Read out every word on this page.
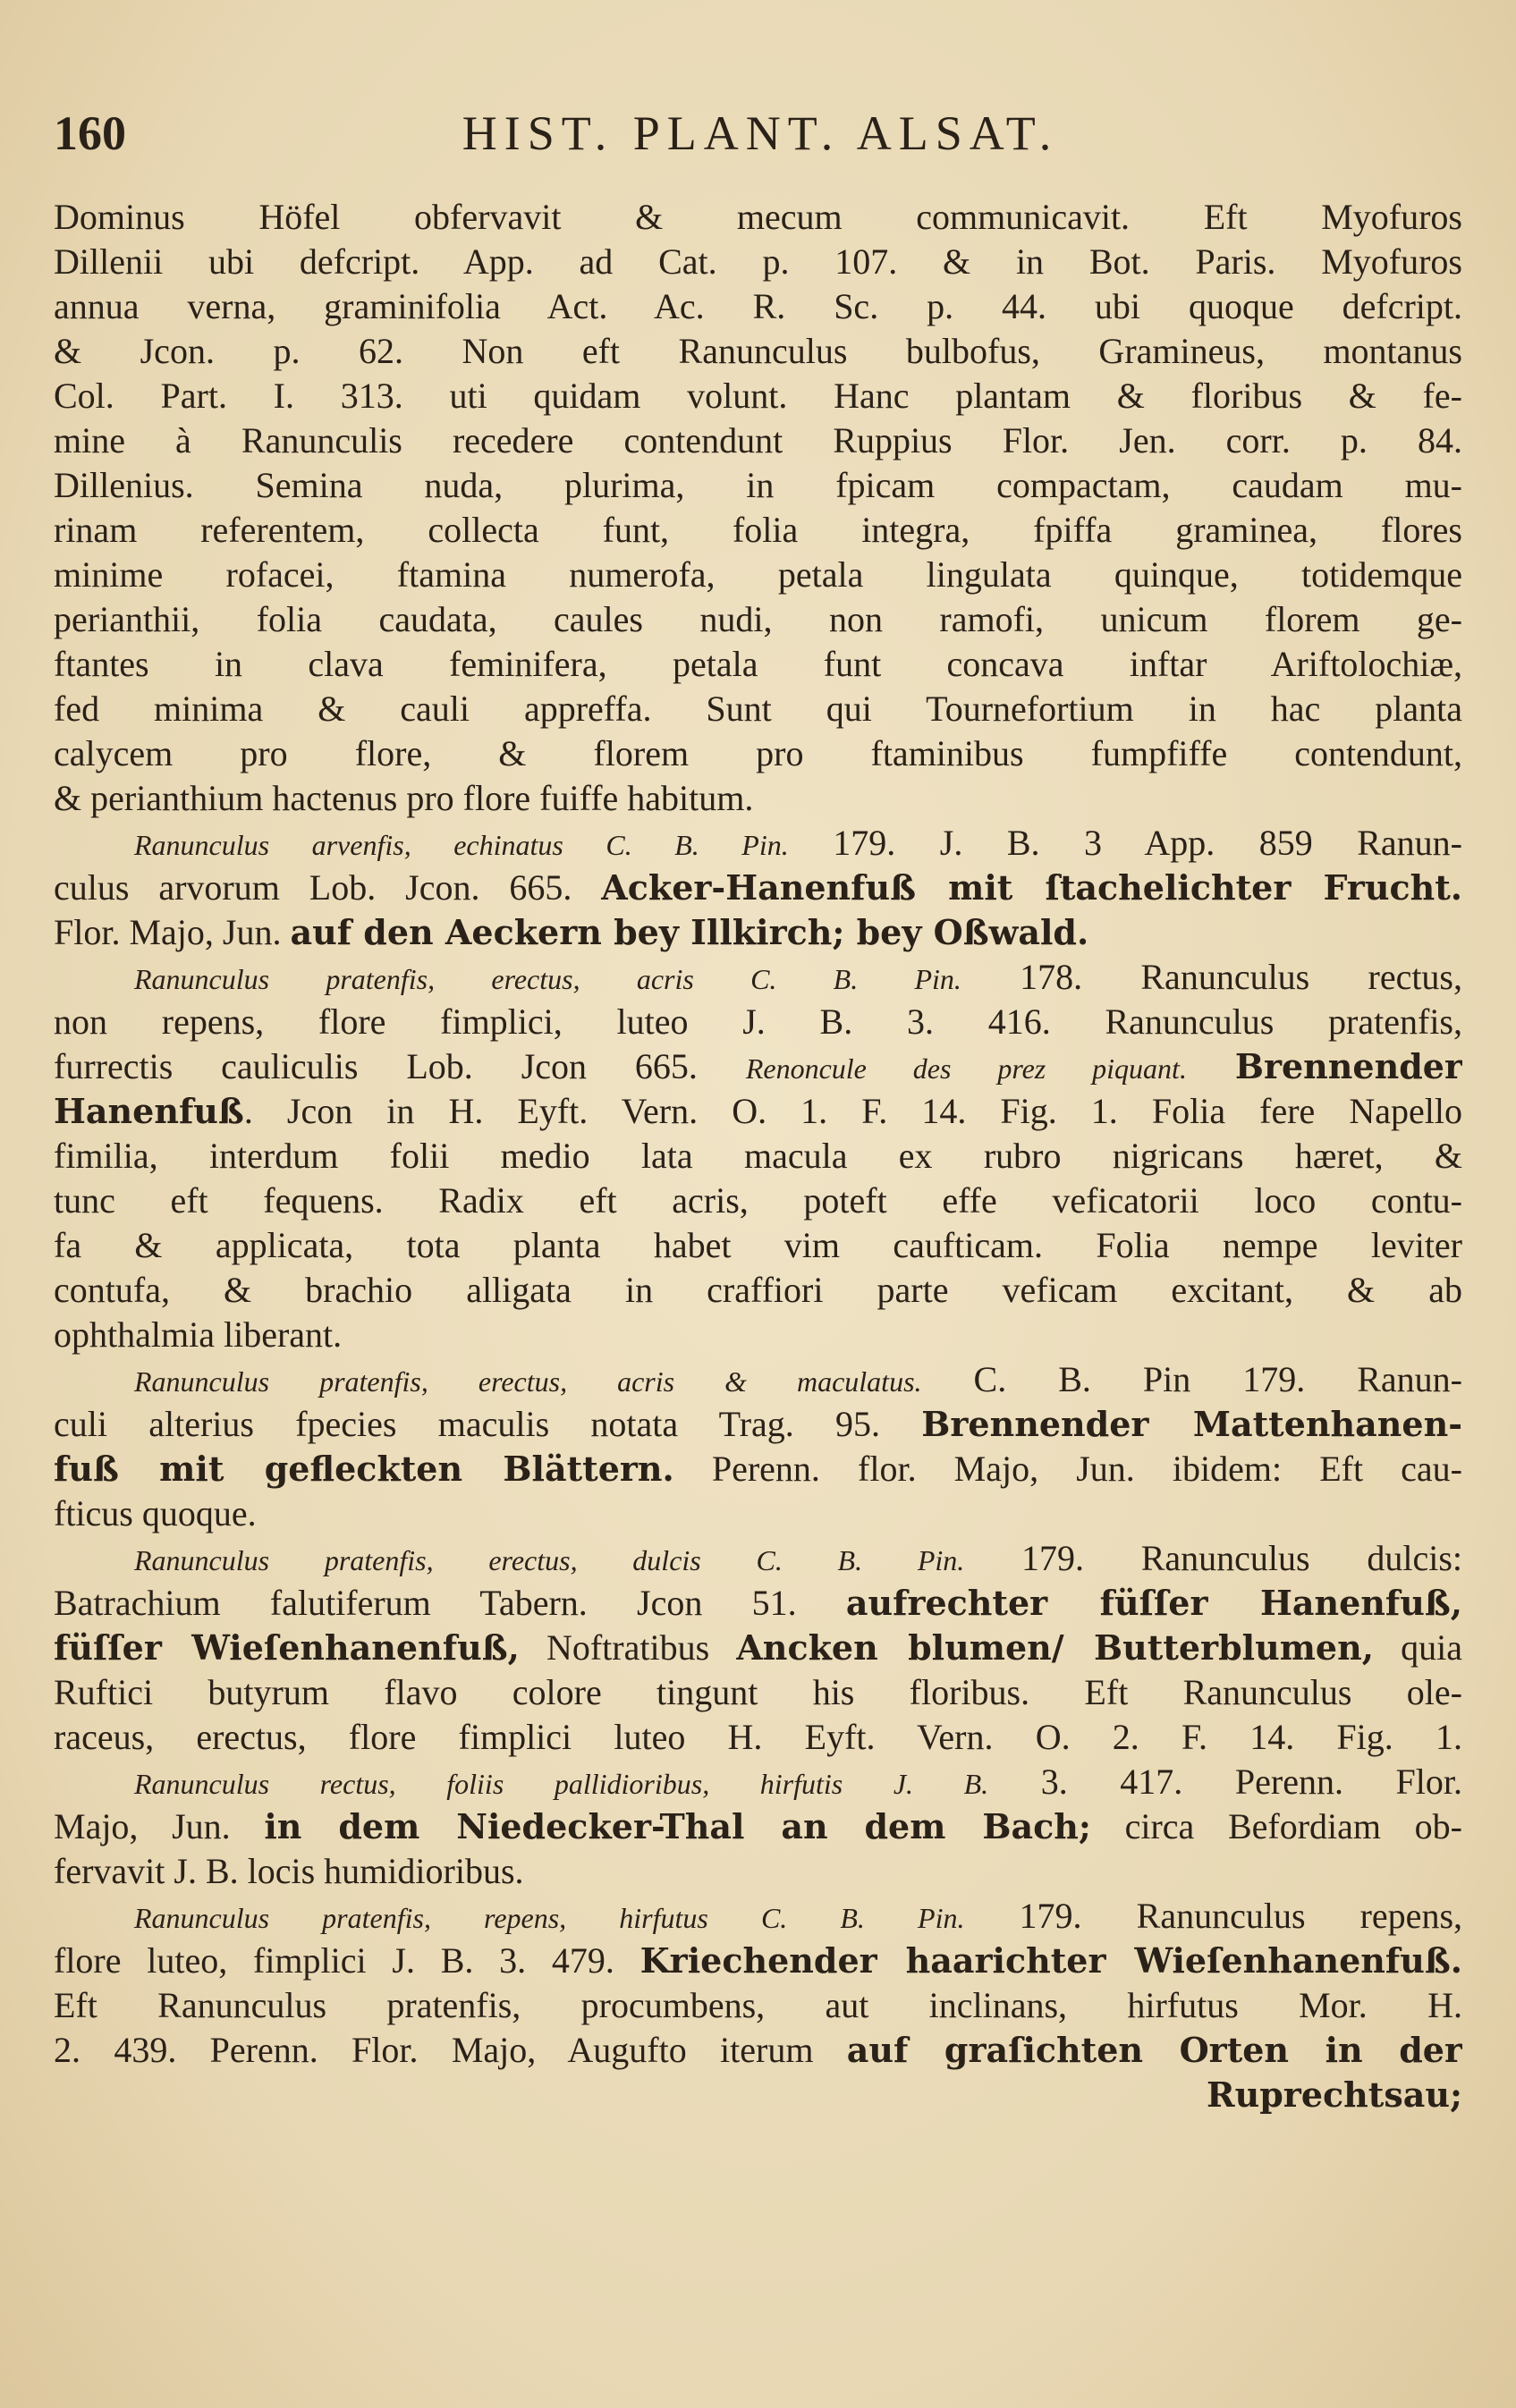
160	HIST. PLANT. ALSAT.
Dominus Höfel obfervavit & mecum communicavit. Eft Myofuros
Dillenii ubi defcript. App. ad Cat. p. 107. & in Bot. Paris. Myofuros
annua verna, graminifolia Act. Ac. R. Sc. p. 44. ubi quoque defcript.
& Jcon. p. 62. Non eft Ranunculus bulbofus, Gramineus, montanus
Col. Part. I. 313. uti quidam volunt. Hanc plantam & floribus & fe-
mine à Ranunculis recedere contendunt Ruppius Flor. Jen. corr. p. 84.
Dillenius. Semina nuda, plurima, in fpicam compactam, caudam mu-
rinam referentem, collecta funt, folia integra, fpiffa graminea, flores
minime rofacei, ftamina numerofa, petala lingulata quinque, totidemque
perianthii, folia caudata, caules nudi, non ramofi, unicum florem ge-
ftantes in clava feminifera, petala funt concava inftar Ariftolochiæ,
fed minima & cauli appreffa. Sunt qui Tournefortium in hac planta
calycem pro flore, & florem pro ftaminibus fumpfiffe contendunt,
& perianthium hactenus pro flore fuiffe habitum.
Ranunculus arvenfis, echinatus C. B. Pin. 179. J. B. 3 App. 859 Ranun-
culus arvorum Lob. Jcon. 665. Acker-Hanenfuß mit ſtachelichter Frucht.
Flor. Majo, Jun. auf den Aeckern bey Illkirch; bey Oßwald.
Ranunculus pratenfis, erectus, acris C. B. Pin. 178. Ranunculus rectus,
non repens, flore fimplici, luteo J. B. 3. 416. Ranunculus pratenfis,
furrectis cauliculis Lob. Jcon 665. Renoncule des prez piquant. Brennender
Hanenfuß. Jcon in H. Eyft. Vern. O. 1. F. 14. Fig. 1. Folia fere Napello
fimilia, interdum folii medio lata macula ex rubro nigricans hæret, &
tunc eft fequens. Radix eft acris, poteft effe veficatorii loco contu-
fa & applicata, tota planta habet vim caufticam. Folia nempe leviter
contufa, & brachio alligata in craffiori parte veficam excitant, & ab
ophthalmia liberant.
Ranunculus pratenfis, erectus, acris & maculatus. C. B. Pin 179. Ranun-
culi alterius fpecies maculis notata Trag. 95. Brennender Mattenhanen-
fuß mit gefleckten Blättern. Perenn. flor. Majo, Jun. ibidem: Eft cau-
fticus quoque.
Ranunculus pratenfis, erectus, dulcis C. B. Pin. 179. Ranunculus dulcis:
Batrachium falutiferum Tabern. Jcon 51. aufrechter füſſer Hanenfuß,
füſſer Wieſenhanenfuß, Noftratibus Ancken blumen/ Butterblumen, quia
Ruftici butyrum flavo colore tingunt his floribus. Eft Ranunculus ole-
raceus, erectus, flore fimplici luteo H. Eyft. Vern. O. 2. F. 14. Fig. 1.
Ranunculus rectus, foliis pallidioribus, hirfutis J. B. 3. 417. Perenn. Flor.
Majo, Jun. in dem Niedecker-Thal an dem Bach; circa Befordiam ob-
fervavit J. B. locis humidioribus.
Ranunculus pratenfis, repens, hirfutus C. B. Pin. 179. Ranunculus repens,
flore luteo, fimplici J. B. 3. 479. Kriechender haarichter Wieſenhanenfuß.
Eft Ranunculus pratenfis, procumbens, aut inclinans, hirfutus Mor. H.
2. 439. Perenn. Flor. Majo, Augufto iterum auf graſichten Orten in der
Ruprechtsau;
